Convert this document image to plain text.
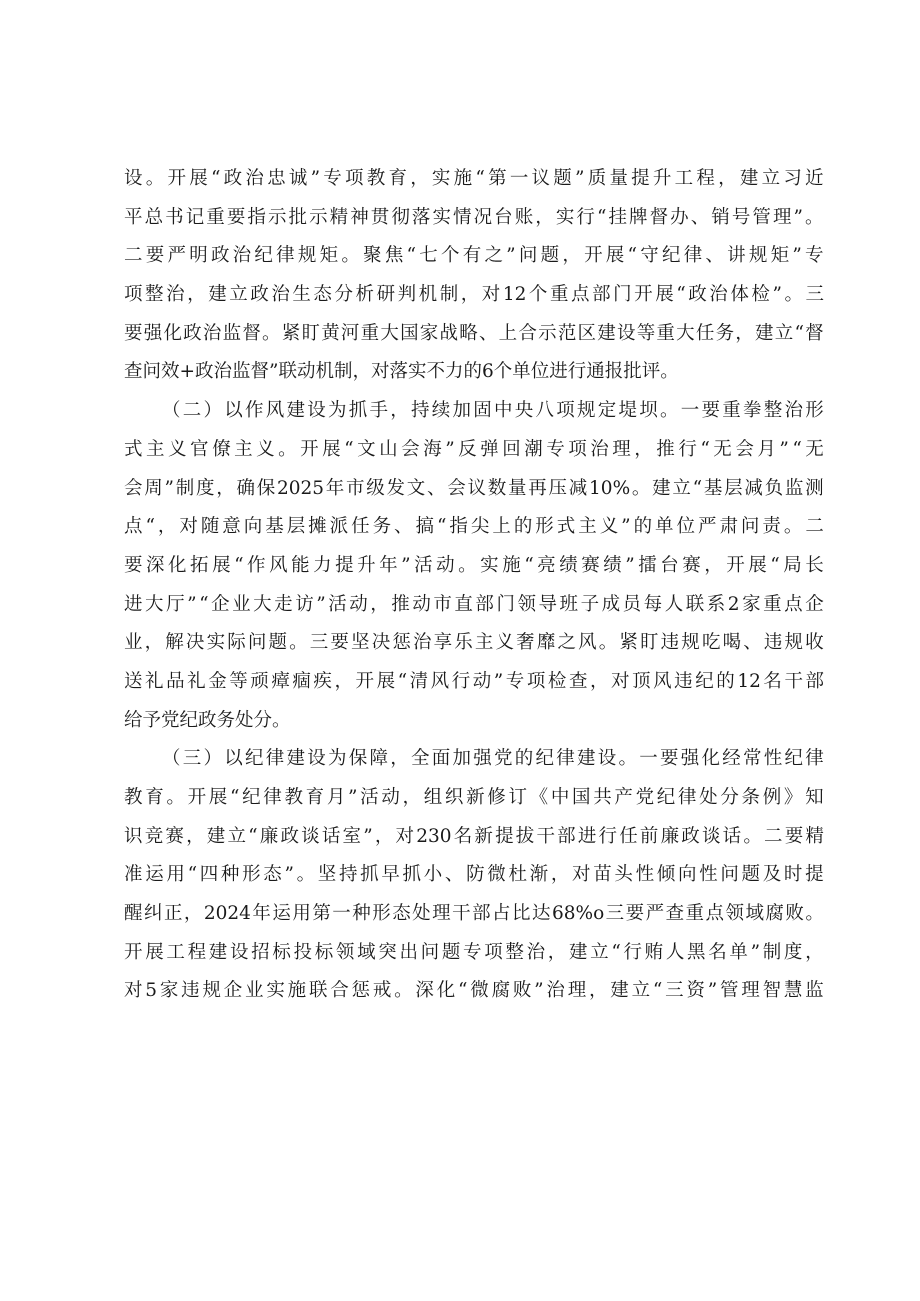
设 。 开 展 “ 政 治 忠 诚 ” 专 项 教 育 ， 实 施 “ 第 一 议 题 ” 质 量 提 升 工 程 ， 建 立 习 近
平 总 书 记 重 要 指 示 批 示 精 神 贯 彻 落 实 情 况 台 账 ， 实 行 “ 挂 牌 督 办 、 销 号 管 理 ” 。
二 要 严 明 政 治 纪 律 规 矩 。 聚 焦 “ 七 个 有 之 ” 问 题 ， 开 展 “ 守 纪 律 、 讲 规 矩 ” 专
项 整 治 ， 建 立 政 治 生 态 分 析 研 判 机 制 ， 对 12 个 重 点 部 门 开 展 “ 政 治 体 检 ” 。 三
要 强 化 政 治 监 督 。 紧 盯 黄 河 重 大 国 家 战 略 、 上 合 示 范 区 建 设 等 重 大 任 务 ， 建 立 “ 督
查问效+政治监督”联动机制，对落实不力的6个单位进行通报批评。
（ 二 ） 以 作 风 建 设 为 抓 手 ， 持 续 加 固 中 央 八 项 规 定 堤 坝 。 一 要 重 拳 整 治 形
式 主 义 官 僚 主 义 。 开 展 “ 文 山 会 海 ” 反 弹 回 潮 专 项 治 理 ， 推 行 “ 无 会 月 ” “ 无
会 周 ” 制 度 ， 确 保 2025 年 市 级 发 文 、 会 议 数 量 再 压 减 10% 。 建 立 “ 基 层 减 负 监 测
点 “ ， 对 随 意 向 基 层 摊 派 任 务 、 搞 “ 指 尖 上 的 形 式 主 义 ” 的 单 位 严 肃 问 责 。 二
要 深 化 拓 展 “ 作 风 能 力 提 升 年 ” 活 动 。 实 施 “ 亮 绩 赛 绩 ” 擂 台 赛 ， 开 展 “ 局 长
进 大 厅 ” “ 企 业 大 走 访 ” 活 动 ， 推 动 市 直 部 门 领 导 班 子 成 员 每 人 联 系 2 家 重 点 企
业 ， 解 决 实 际 问 题 。 三 要 坚 决 惩 治 享 乐 主 义 奢 靡 之 风 。 紧 盯 违 规 吃 喝 、 违 规 收
送 礼 品 礼 金 等 顽 瘴 痼 疾 ， 开 展 “ 清 风 行 动 ” 专 项 检 查 ， 对 顶 风 违 纪 的 12 名 干 部
给予党纪政务处分。
（ 三 ） 以 纪 律 建 设 为 保 障 ， 全 面 加 强 党 的 纪 律 建 设 。 一 要 强 化 经 常 性 纪 律
教 育 。 开 展 “ 纪 律 教 育 月 ” 活 动 ， 组 织 新 修 订 《 中 国 共 产 党 纪 律 处 分 条 例 》 知
识 竞 赛 ， 建 立 “ 廉 政 谈 话 室 ” ， 对 230 名 新 提 拔 干 部 进 行 任 前 廉 政 谈 话 。 二 要 精
准 运 用 “ 四 种 形 态 ” 。 坚 持 抓 早 抓 小 、 防 微 杜 渐 ， 对 苗 头 性 倾 向 性 问 题 及 时 提
醒 纠 正 ， 2024 年 运 用 第 一 种 形 态 处 理 干 部 占 比 达 68%o 三 要 严 查 重 点 领 域 腐 败 。
开 展 工 程 建 设 招 标 投 标 领 域 突 出 问 题 专 项 整 治 ， 建 立 “ 行 贿 人 黑 名 单 ” 制 度 ，
对 5 家 违 规 企 业 实 施 联 合 惩 戒 。 深 化 “ 微 腐 败 ” 治 理 ， 建 立 “ 三 资 ” 管 理 智 慧 监
